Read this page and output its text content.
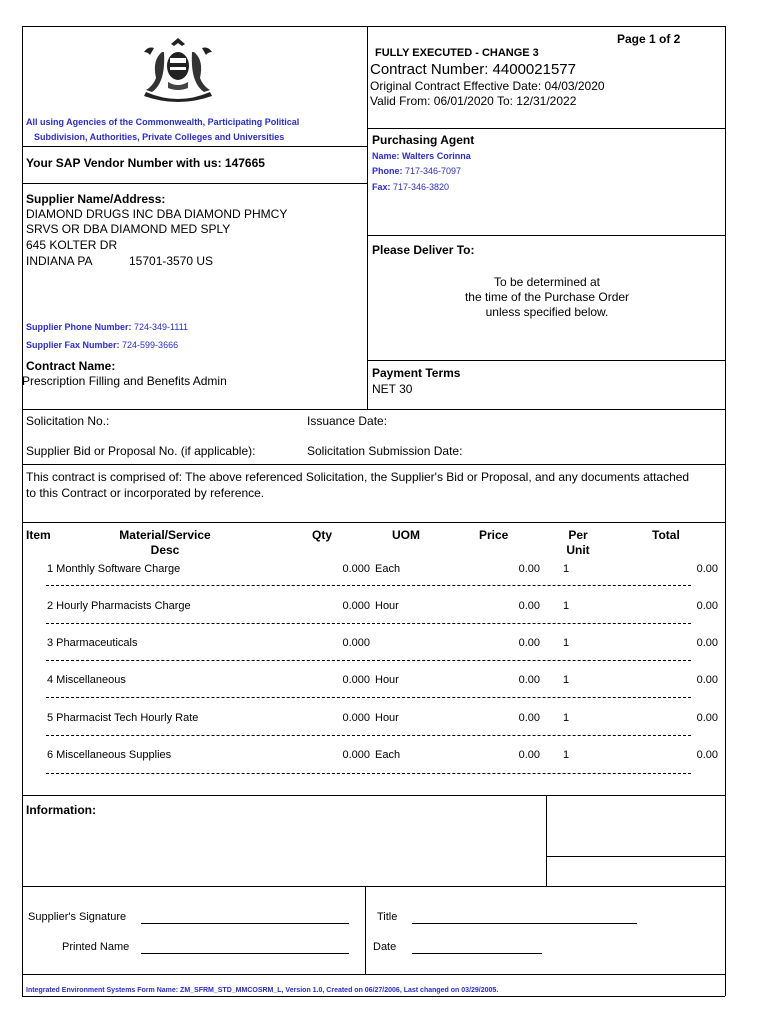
Page 1 of 2
FULLY EXECUTED - CHANGE 3
Contract Number: 4400021577
Original Contract Effective Date: 04/03/2020
Valid From: 06/01/2020 To: 12/31/2022
All using Agencies of the Commonwealth, Participating Political
Subdivision, Authorities, Private Colleges and Universities
Your SAP Vendor Number with us: 147665
Supplier Name/Address:
DIAMOND DRUGS INC DBA DIAMOND PHMCY
SRVS OR DBA DIAMOND MED SPLY
645 KOLTER DR
INDIANA PA	15701-3570 US
Supplier Phone Number: 724-349-1111
Supplier Fax Number: 724-599-3666
Purchasing Agent
Name: Walters Corinna
Phone: 717-346-7097
Fax: 717-346-3820
Please Deliver To:
To be determined at
the time of the Purchase Order
unless specified below.
Contract Name:
Prescription Filling and Benefits Admin
Payment Terms
NET 30
Solicitation No.:	Issuance Date:
Supplier Bid or Proposal No. (if applicable):	Solicitation Submission Date:
This contract is comprised of: The above referenced Solicitation, the Supplier's Bid or Proposal, and any documents attached
to this Contract or incorporated by reference.
Item	Material/Service
Desc
Qty	UOM	Price	Per
Unit
Total
1 Monthly Software Charge	0.000 Each	0.00 1	0.00
2 Hourly Pharmacists Charge	0.000 Hour	0.00 1	0.00
3 Pharmaceuticals	0.000	0.00 1	0.00
4 Miscellaneous	0.000 Hour	0.00 1	0.00
5 Pharmacist Tech Hourly Rate	0.000 Hour	0.00 1	0.00
6 Miscellaneous Supplies	0.000 Each	0.00 1	0.00
Information:
Supplier's Signature
Printed Name
Title
Date
Integrated Environment Systems Form Name: ZM_SFRM_STD_MMCOSRM_L, Version 1.0, Created on 06/27/2006, Last changed on 03/29/2005.
